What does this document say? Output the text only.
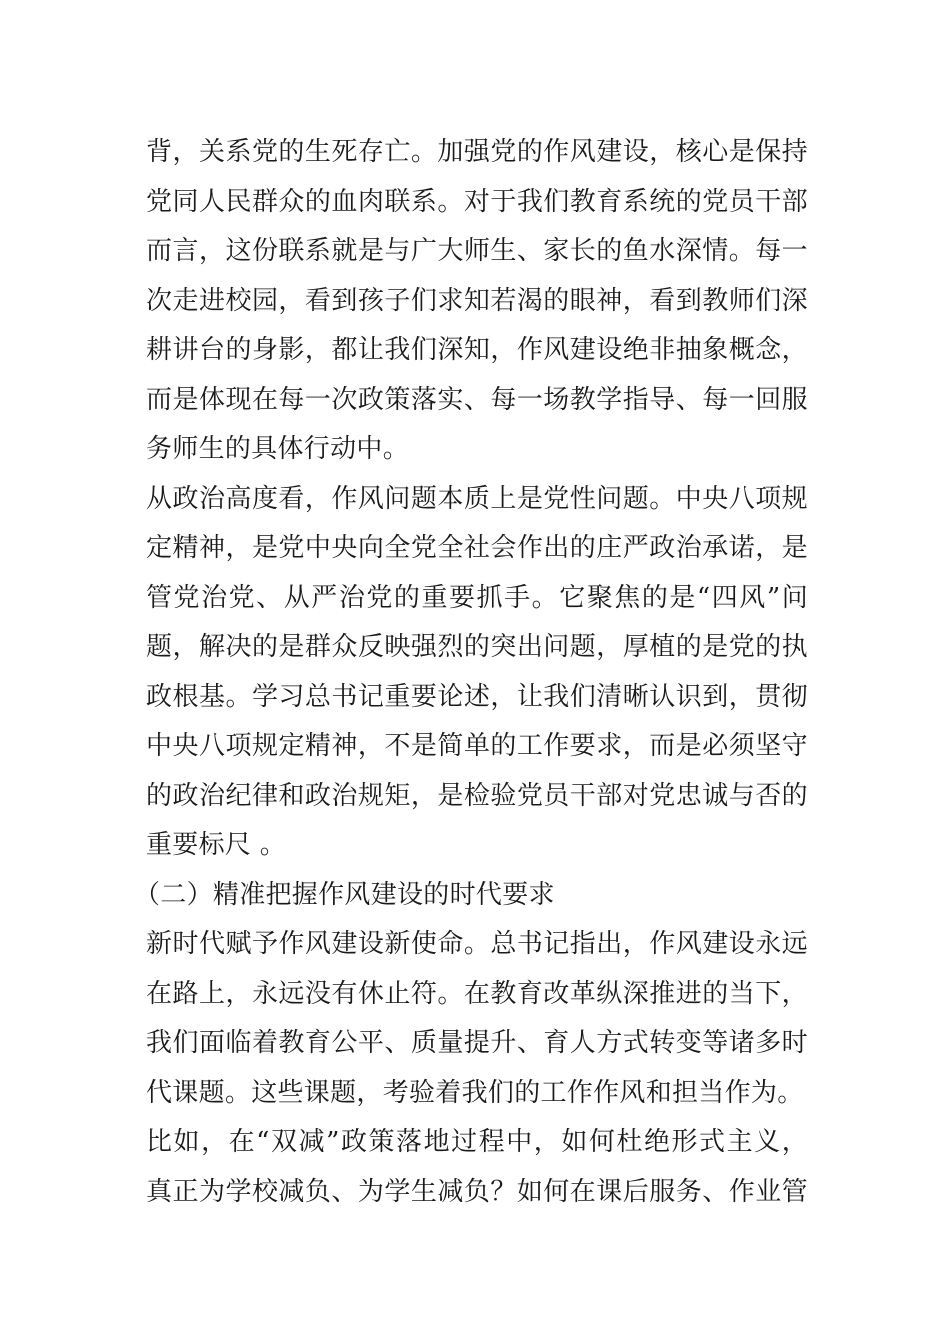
背，关系党的生死存亡。加强党的作风建设，核心是保持
党同人民群众的血肉联系。对于我们教育系统的党员干部
而言，这份联系就是与广大师生、家长的鱼水深情。每一
次走进校园，看到孩子们求知若渴的眼神，看到教师们深
耕讲台的身影，都让我们深知，作风建设绝非抽象概念，
而是体现在每一次政策落实、每一场教学指导、每一回服
务师生的具体行动中。
从政治高度看，作风问题本质上是党性问题。中央八项规
定精神，是党中央向全党全社会作出的庄严政治承诺，是
管党治党、从严治党的重要抓手。它聚焦的是“四风”问
题，解决的是群众反映强烈的突出问题，厚植的是党的执
政根基。学习总书记重要论述，让我们清晰认识到，贯彻
中央八项规定精神，不是简单的工作要求，而是必须坚守
的政治纪律和政治规矩，是检验党员干部对党忠诚与否的
重要标尺 。
（二）精准把握作风建设的时代要求
新时代赋予作风建设新使命。总书记指出，作风建设永远
在路上，永远没有休止符。在教育改革纵深推进的当下，
我们面临着教育公平、质量提升、育人方式转变等诸多时
代课题。这些课题，考验着我们的工作作风和担当作为。
比如，在“双减”政策落地过程中，如何杜绝形式主义，
真正为学校减负、为学生减负？如何在课后服务、作业管
